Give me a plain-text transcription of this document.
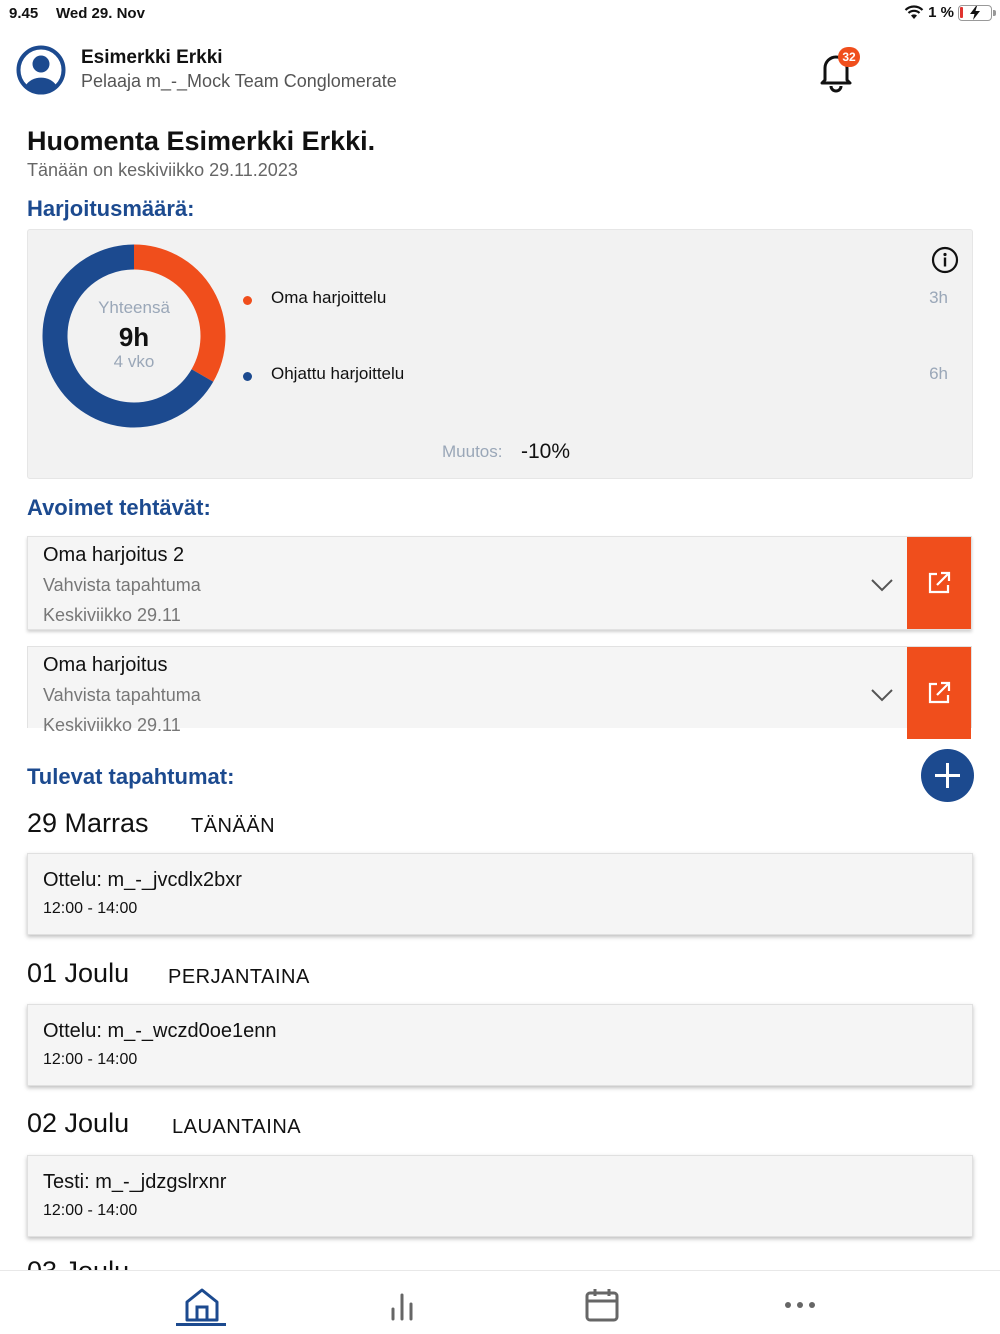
9.45 Wed 29. Nov	1 %
Esimerkki Erkki
Pelaaja m_-_Mock Team Conglomerate
32
Huomenta Esimerkki Erkki.
Tänään on keskiviikko 29.11.2023
Harjoitusmäärä:
Yhteensä
9h
4 vko
Oma harjoittelu	3h
Ohjattu harjoittelu	6h
Muutos: -10%
Avoimet tehtävät:
Oma harjoitus 2
Vahvista tapahtuma
Keskiviikko 29.11
Oma harjoitus
Vahvista tapahtuma
Keskiviikko 29.11
Tulevat tapahtumat:
29 Marras TÄNÄÄN
Ottelu: m_-_jvcdlx2bxr
12:00 - 14:00
01 Joulu PERJANTAINA
Ottelu: m_-_wczd0oe1enn
12:00 - 14:00
02 Joulu LAUANTAINA
Testi: m_-_jdzgslrxnr
12:00 - 14:00
